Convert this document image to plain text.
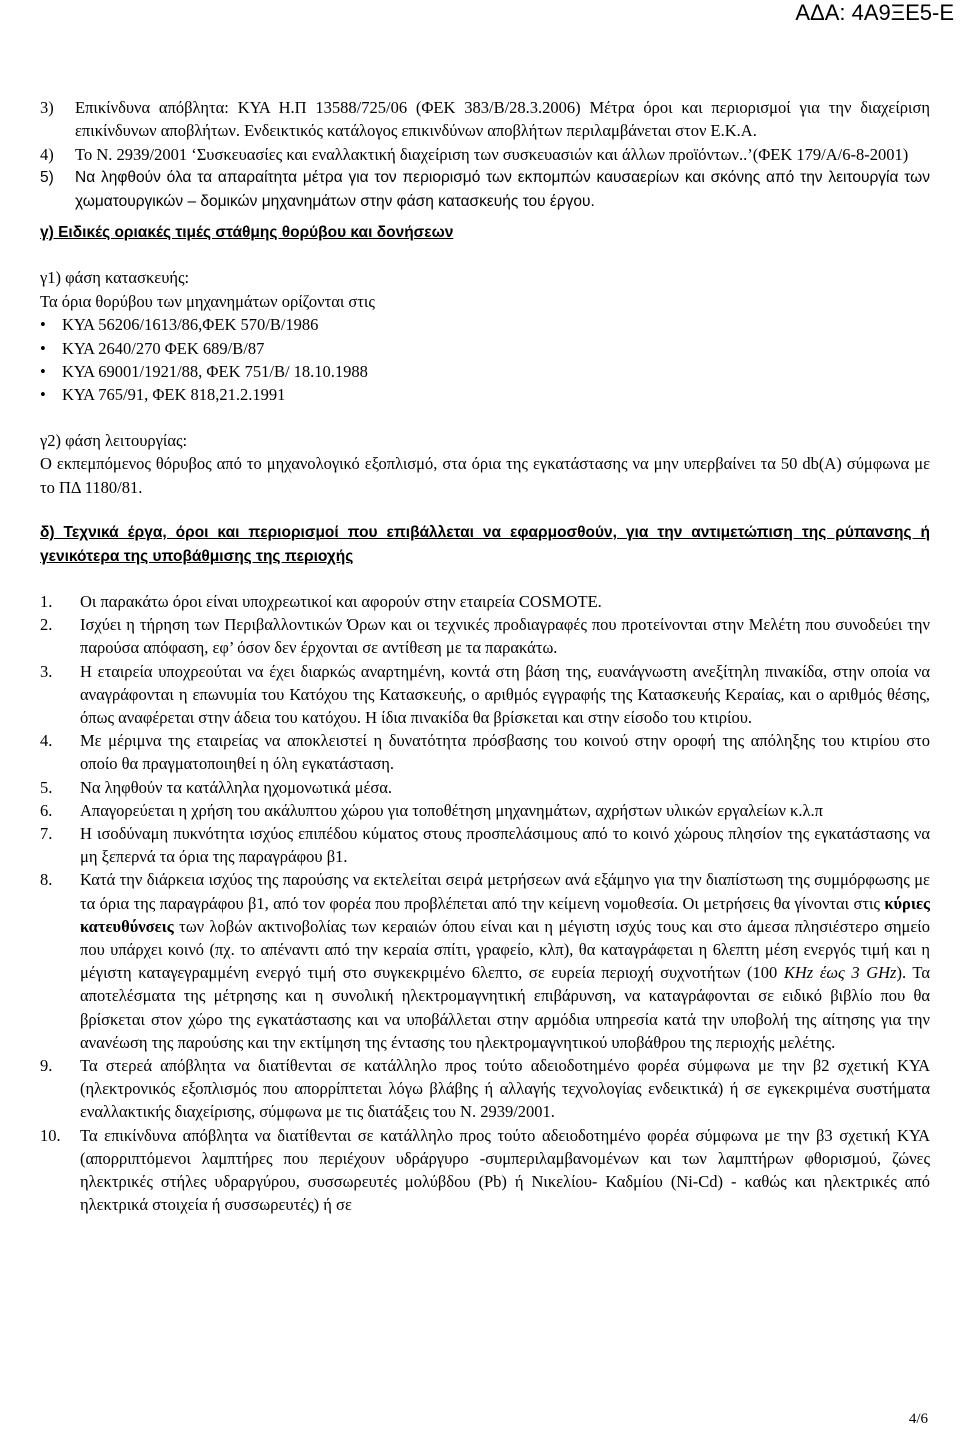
ΑΔΑ: 4Α9ΞΕ5-Ε
3) Επικίνδυνα απόβλητα: ΚΥΑ Η.Π 13588/725/06 (ΦΕΚ 383/Β/28.3.2006) Μέτρα όροι και περιορισμοί για την διαχείριση επικίνδυνων αποβλήτων. Ενδεικτικός κατάλογος επικινδύνων αποβλήτων περιλαμβάνεται στον Ε.Κ.Α.
4) Το Ν. 2939/2001 ‘Συσκευασίες και εναλλακτική διαχείριση των συσκευασιών και άλλων προϊόντων..’(ΦΕΚ 179/Α/6-8-2001)
5) Να ληφθούν όλα τα απαραίτητα μέτρα για τον περιορισμό των εκπομπών καυσαερίων και σκόνης από την λειτουργία των χωματουργικών – δομικών μηχανημάτων στην φάση κατασκευής του έργου.
γ) Ειδικές οριακές τιμές στάθμης θορύβου και δονήσεων
γ1) φάση κατασκευής:
Τα όρια θορύβου των μηχανημάτων ορίζονται στις
• ΚΥΑ 56206/1613/86,ΦΕΚ 570/Β/1986
• ΚΥΑ 2640/270 ΦΕΚ 689/Β/87
• ΚΥΑ 69001/1921/88, ΦΕΚ 751/Β/ 18.10.1988
• ΚΥΑ 765/91, ΦΕΚ 818,21.2.1991
γ2) φάση λειτουργίας:
Ο εκπεμπόμενος θόρυβος από το μηχανολογικό εξοπλισμό, στα όρια της εγκατάστασης να μην υπερβαίνει τα 50 db(A) σύμφωνα με το ΠΔ 1180/81.
δ) Τεχνικά έργα, όροι και περιορισμοί που επιβάλλεται να εφαρμοσθούν, για την αντιμετώπιση της ρύπανσης ή γενικότερα της υποβάθμισης της περιοχής
1. Οι παρακάτω όροι είναι υποχρεωτικοί και αφορούν στην εταιρεία COSMOTE.
2. Ισχύει η τήρηση των Περιβαλλοντικών Όρων και οι τεχνικές προδιαγραφές που προτείνονται στην Μελέτη που συνοδεύει την παρούσα απόφαση, εφ’ όσον δεν έρχονται σε αντίθεση με τα παρακάτω.
3. Η εταιρεία υποχρεούται να έχει διαρκώς αναρτημένη, κοντά στη βάση της, ευανάγνωστη ανεξίτηλη πινακίδα, στην οποία να αναγράφονται η επωνυμία του Κατόχου της Κατασκευής, ο αριθμός εγγραφής της Κατασκευής Κεραίας, και ο αριθμός θέσης, όπως αναφέρεται στην άδεια του κατόχου. Η ίδια πινακίδα θα βρίσκεται και στην είσοδο του κτιρίου.
4. Με μέριμνα της εταιρείας να αποκλειστεί η δυνατότητα πρόσβασης του κοινού στην οροφή της απόληξης του κτιρίου στο οποίο θα πραγματοποιηθεί η όλη εγκατάσταση.
5. Να ληφθούν τα κατάλληλα ηχομονωτικά μέσα.
6. Απαγορεύεται η χρήση του ακάλυπτου χώρου για τοποθέτηση μηχανημάτων, αχρήστων υλικών εργαλείων κ.λ.π
7. Η ισοδύναμη πυκνότητα ισχύος επιπέδου κύματος στους προσπελάσιμους από το κοινό χώρους πλησίον της εγκατάστασης να μη ξεπερνά τα όρια της παραγράφου β1.
8. Κατά την διάρκεια ισχύος της παρούσης να εκτελείται σειρά μετρήσεων ανά εξάμηνο για την διαπίστωση της συμμόρφωσης με τα όρια της παραγράφου β1, από τον φορέα που προβλέπεται από την κείμενη νομοθεσία. Οι μετρήσεις θα γίνονται στις κύριες κατευθύνσεις των λοβών ακτινοβολίας των κεραιών όπου είναι και η μέγιστη ισχύς τους και στο άμεσα πλησιέστερο σημείο που υπάρχει κοινό (πχ. το απέναντι από την κεραία σπίτι, γραφείο, κλπ), θα καταγράφεται η 6λεπτη μέση ενεργός τιμή και η μέγιστη καταγεγραμμένη ενεργό τιμή στο συγκεκριμένο 6λεπτο, σε ευρεία περιοχή συχνοτήτων (100 KHz έως 3 GHz). Τα αποτελέσματα της μέτρησης και η συνολική ηλεκτρομαγνητική επιβάρυνση, να καταγράφονται σε ειδικό βιβλίο που θα βρίσκεται στον χώρο της εγκατάστασης και να υποβάλλεται στην αρμόδια υπηρεσία κατά την υποβολή της αίτησης για την ανανέωση της παρούσης και την εκτίμηση της έντασης του ηλεκτρομαγνητικού υποβάθρου της περιοχής μελέτης.
9. Τα στερεά απόβλητα να διατίθενται σε κατάλληλο προς τούτο αδειοδοτημένο φορέα σύμφωνα με την β2 σχετική ΚΥΑ (ηλεκτρονικός εξοπλισμός που απορρίπτεται λόγω βλάβης ή αλλαγής τεχνολογίας ενδεικτικά) ή σε εγκεκριμένα συστήματα εναλλακτικής διαχείρισης, σύμφωνα με τις διατάξεις του Ν. 2939/2001.
10. Τα επικίνδυνα απόβλητα να διατίθενται σε κατάλληλο προς τούτο αδειοδοτημένο φορέα σύμφωνα με την β3 σχετική ΚΥΑ (απορριπτόμενοι λαμπτήρες που περιέχουν υδράργυρο -συμπεριλαμβανομένων και των λαμπτήρων φθορισμού, ζώνες ηλεκτρικές στήλες υδραργύρου, συσσωρευτές μολύβδου (Pb) ή Νικελίου- Καδμίου (Ni-Cd) - καθώς και ηλεκτρικές από ηλεκτρικά στοιχεία ή συσσωρευτές) ή σε
4/6
